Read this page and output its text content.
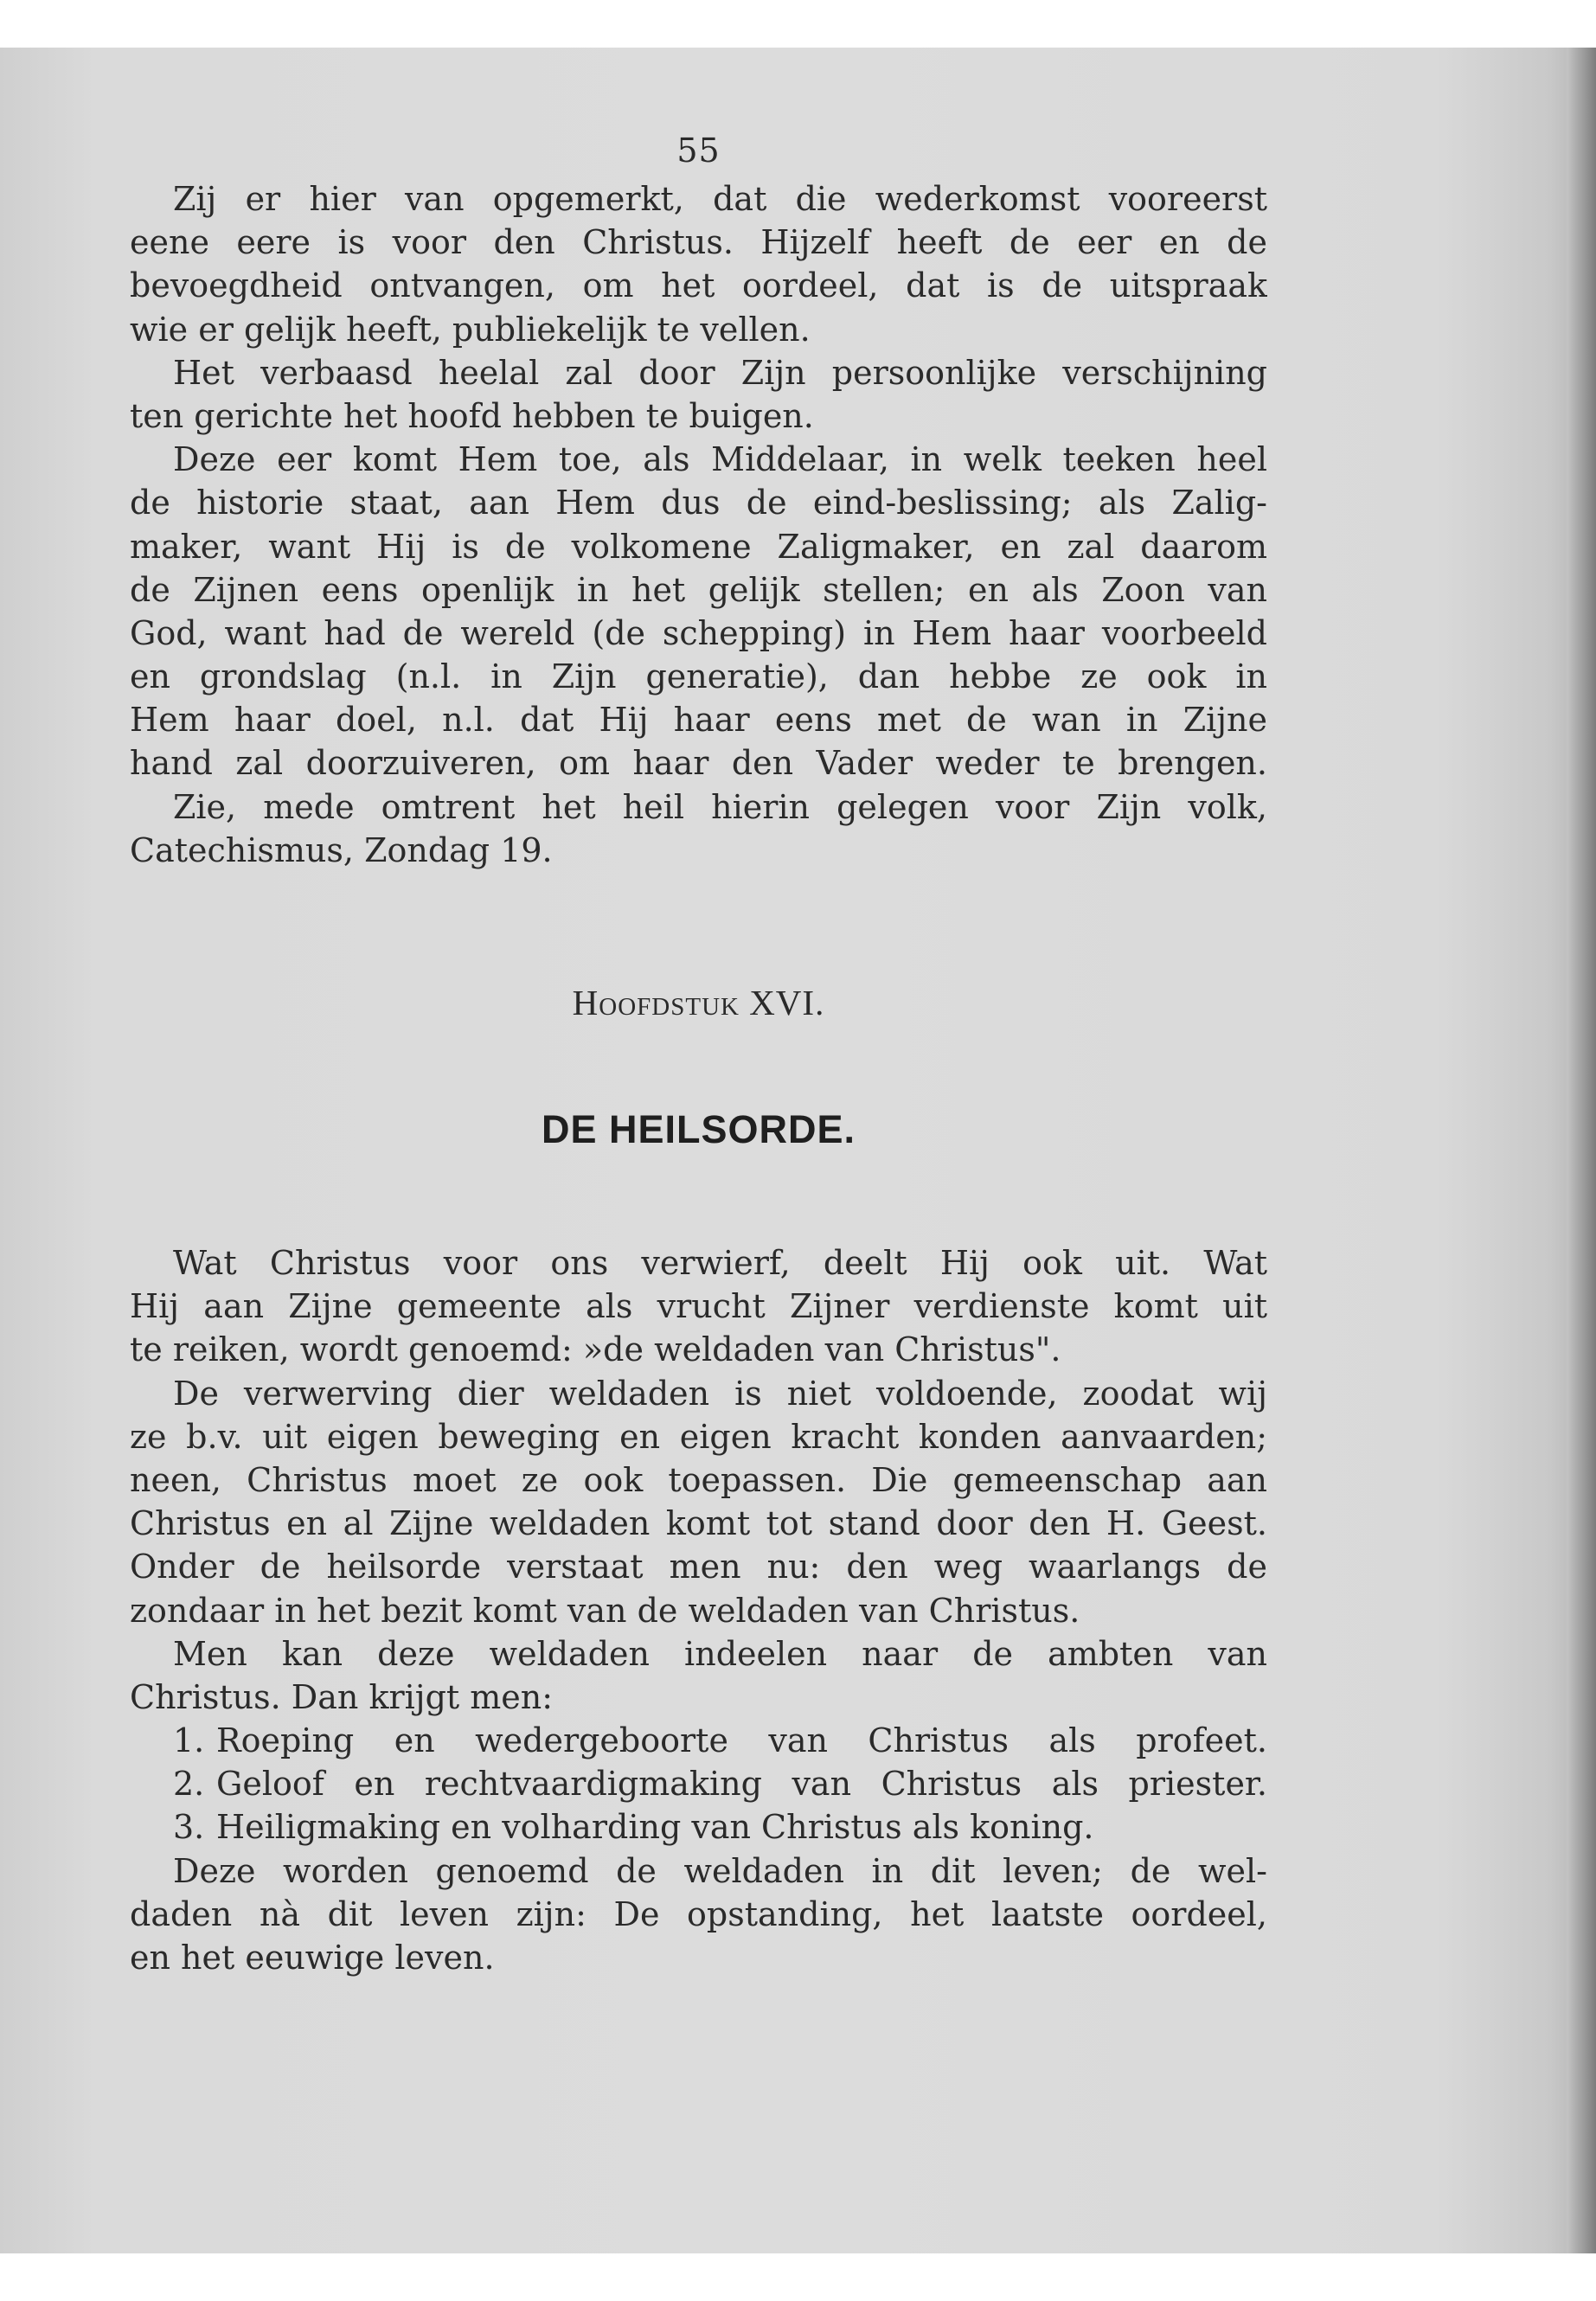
55
Zij er hier van opgemerkt, dat die wederkomst vooreerst
eene eere is voor den Christus. Hijzelf heeft de eer en de
bevoegdheid ontvangen, om het oordeel, dat is de uitspraak
wie er gelijk heeft, publiekelijk te vellen.
Het verbaasd heelal zal door Zijn persoonlijke verschijning
ten gerichte het hoofd hebben te buigen.
Deze eer komt Hem toe, als Middelaar, in welk teeken heel
de historie staat, aan Hem dus de eind-beslissing; als Zalig-
maker, want Hij is de volkomene Zaligmaker, en zal daarom
de Zijnen eens openlijk in het gelijk stellen; en als Zoon van
God, want had de wereld (de schepping) in Hem haar voorbeeld
en grondslag (n.l. in Zijn generatie), dan hebbe ze ook in
Hem haar doel, n.l. dat Hij haar eens met de wan in Zijne
hand zal doorzuiveren, om haar den Vader weder te brengen.
Zie, mede omtrent het heil hierin gelegen voor Zijn volk,
Catechismus, Zondag 19.
Hoofdstuk XVI.
DE HEILSORDE.
Wat Christus voor ons verwierf, deelt Hij ook uit. Wat
Hij aan Zijne gemeente als vrucht Zijner verdienste komt uit
te reiken, wordt genoemd: »de weldaden van Christus".
De verwerving dier weldaden is niet voldoende, zoodat wij
ze b.v. uit eigen beweging en eigen kracht konden aanvaarden;
neen, Christus moet ze ook toepassen. Die gemeenschap aan
Christus en al Zijne weldaden komt tot stand door den H. Geest.
Onder de heilsorde verstaat men nu: den weg waarlangs de
zondaar in het bezit komt van de weldaden van Christus.
Men kan deze weldaden indeelen naar de ambten van
Christus. Dan krijgt men:
1. Roeping en wedergeboorte van Christus als profeet.
2. Geloof en rechtvaardigmaking van Christus als priester.
3. Heiligmaking en volharding van Christus als koning.
Deze worden genoemd de weldaden in dit leven; de wel-
daden nà dit leven zijn: De opstanding, het laatste oordeel,
en het eeuwige leven.
